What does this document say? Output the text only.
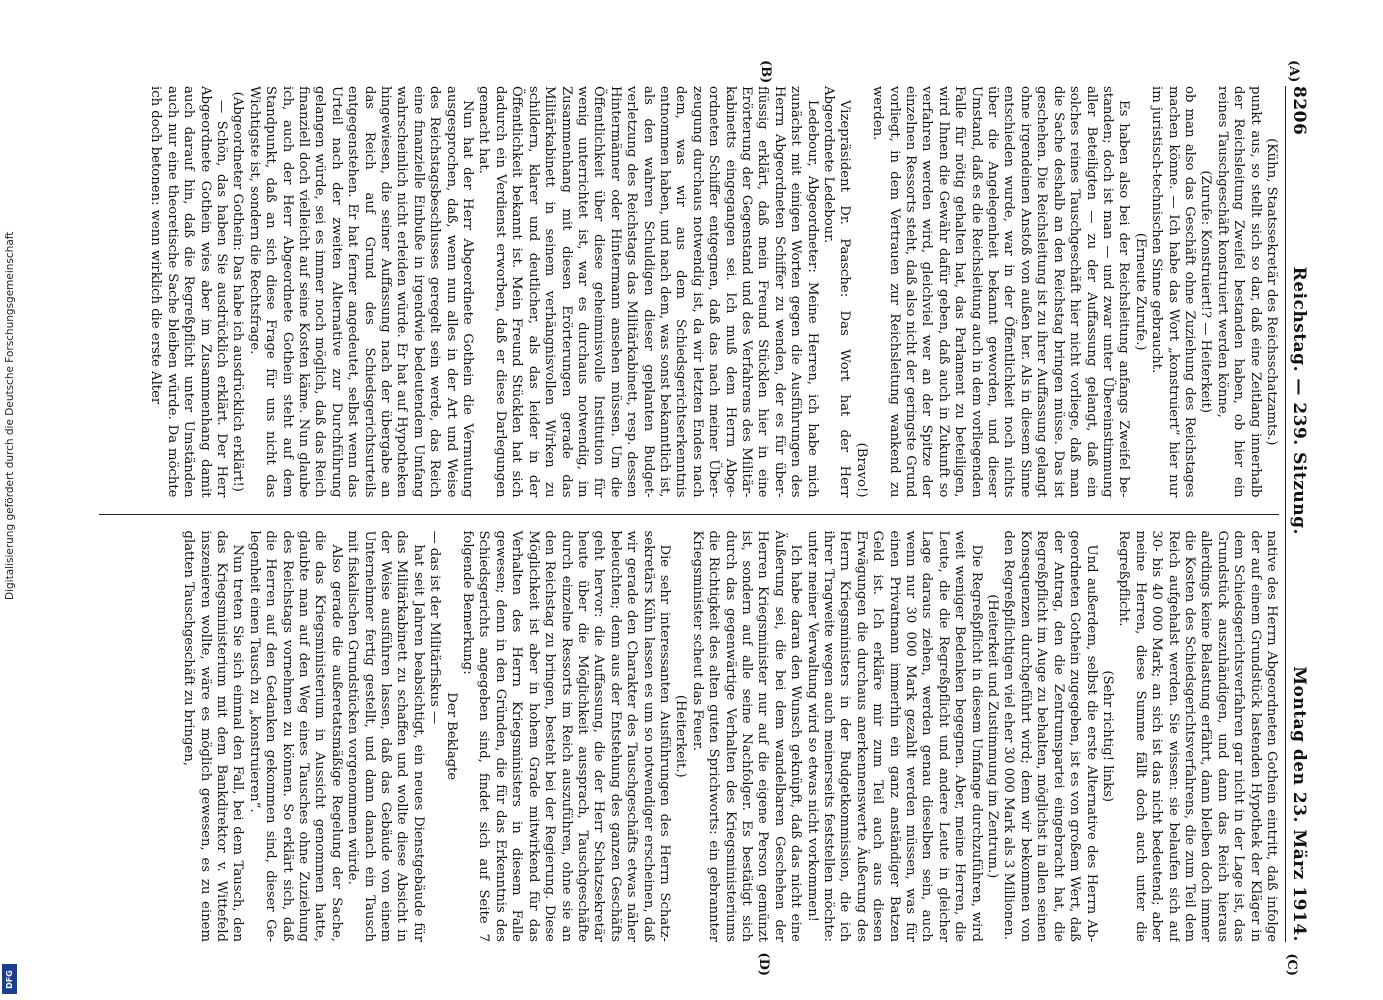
8206
Reichstag. — 239. Sitzung.
Montag den 23. März 1914.
(A)
(B)
(C)
(D)

(Kühn, Staatssekretär des Reichsschatzamts.)

punkt aus, so stellt sich so dar, daß eine Zeitlang innerhalb der Reichsleitung Zweifel bestanden haben, ob hier ein reines Tauschgeschäft konstruiert werden könne,

(Zurufe: Konstruiert!? — Heiterkeit)

ob man also das Geschäft ohne Zuziehung des Reichstages machen könne. — Ich habe das Wort „konstruiert“ hier nur im juristisch-technischen Sinne gebraucht.

(Erneute Zurufe.)

Es haben also bei der Reichsleitung anfangs Zweifel bestanden; doch ist man — und zwar unter Übereinstimmung aller Beteiligten — zu der Auffassung gelangt, daß ein solches reines Tauschgeschäft hier nicht vorliege, daß man die Sache deshalb an den Reichstag bringen müsse. Das ist geschehen. Die Reichsleitung ist zu ihrer Auffassung gelangt ohne irgendeinen Anstoß von außen her. Als in diesem Sinne entschieden wurde, war in der Öffentlichkeit noch nichts über die Angelegenheit bekannt geworden, und dieser Umstand, daß es die Reichsleitung auch in dem vorliegenden Falle für nötig gehalten hat, das Parlament zu beteiligen, wird Ihnen die Gewähr dafür geben, daß auch in Zukunft so verfahren werden wird, gleichviel wer an der Spitze der einzelnen Ressorts steht, daß also nicht der geringste Grund vorliegt, in dem Vertrauen zur Reichsleitung wankend zu werden.

(Bravo!)

Vizepräsident Dr. Paasche: Das Wort hat der Herr Abgeordnete Ledebour.

Ledebour, Abgeordneter: Meine Herren, ich habe mich zunächst mit einigen Worten gegen die Ausführungen des Herrn Abgeordneten Schiffer zu wenden, der es für überflüssig erklärt, daß mein Freund Stücklen hier in eine Erörterung der Gegenstand und des Verfahrens des Militärkabinetts eingegangen sei. Ich muß dem Herrn Abgeordneten Schiffer entgegnen, daß das nach meiner Überzeugung durchaus notwendig ist, da wir letzten Endes nach dem, was wir aus dem Schiedsgerichtserkenntnis entnommen haben, und nach dem, was sonst bekanntlich ist, als den wahren Schuldigen dieser geplanten Budgetverletzung des Reichstags das Militärkabinett, resp. dessen Hintermänner oder Hintermann ansehen müssen. Um die Öffentlichkeit über diese geheimnisvolle Institution für wenig unterrichtet ist, war es durchaus notwendig, im Zusammenhang mit diesen Erörterungen gerade das Militärkabinett in seinem verhängnisvollen Wirken zu schildern, klarer und deutlicher, als das leider in der Öffentlichkeit bekannt ist. Mein Freund Stücklen hat sich dadurch ein Verdienst erworben, daß er diese Darlegungen gemacht hat.

Nun hat der Herr Abgeordnete Gothein die Vermutung ausgesprochen, daß, wenn nun alles in der Art und Weise des Reichstagsbeschlusses geregelt sein werde, das Reich eine finanzielle Einbuße in irgendwie bedeutendem Umfang wahrscheinlich nicht erleiden würde. Er hat auf Hypotheken hingewiesen, die seiner Auffassung nach der übergabe an das Reich auf Grund des Schiedsgerichtsurteils entgegenstehen. Er hat ferner angedeutet, selbst wenn das Urteil nach der zweiten Alternative zur Durchführung gelangen würde, sei es immer noch möglich, daß das Reich finanziell doch vielleicht auf seine Kosten käme. Nun glaube ich, auch der Herr Abgeordnete Gothein steht auf dem Standpunkt, daß an sich diese Frage für uns nicht das Wichtigste ist, sondern die Rechtsfrage.

(Abgeordneter Gothein: Das habe ich ausdrücklich erklärt!)

— Schön, das haben Sie ausdrücklich erklärt. Der Herr Abgeordnete Gothein wies aber im Zusammenhang damit auch darauf hin, daß die Regreßpflicht unter Umständen auch nur eine theoretische Sache bleiben würde. Da möchte ich doch betonen: wenn wirklich die erste Alter

native des Herrn Abgeordneten Gothein eintritt, daß infolge der auf einem Grundstück lastenden Hypothek der Kläger in dem Schiedsgerichtsverfahren gar nicht in der Lage ist, das Grundstück auszuhändigen, und dann das Reich hieraus allerdings keine Belastung erfährt, dann bleiben doch immer die Kosten des Schiedsgerichtsverfahrens, die zum Teil dem Reich aufgehalst werden. Sie wissen: sie belaufen sich auf 30- bis 40 000 Mark; an sich ist das nicht bedeutend; aber meine Herren, diese Summe fällt doch auch unter die Regreßpflicht.

(Sehr richtig! links)

Und außerdem, selbst die erste Alternative des Herrn Abgeordneten Gothein zugegeben, ist es von großem Wert, daß der Antrag, den die Zentrumspartei eingebracht hat, die Regreßpflicht im Auge zu behalten, möglichst in allen seinen Konsequenzen durchgeführt wird; denn wir bekommen von den Regreßpflichtigen viel eher 30 000 Mark als 3 Millionen.

(Heiterkeit und Zustimmung im Zentrum.)

Die Regreßpflicht in diesem Umfange durchzuführen, wird weit weniger Bedenken begegnen. Aber, meine Herren, die Leute, die die Regreßpflicht und andere Leute in gleicher Lage daraus ziehen, werden genau dieselben sein, auch wenn nur 30 000 Mark gezahlt werden müssen, was für einen Privatmann immerhin ein ganz anständiger Batzen Geld ist. Ich erkläre mir zum Teil auch aus diesen Erwägungen die durchaus anerkennenswerte Äußerung des Herrn Kriegsministers in der Budgetkommission, die ich ihrer Tragweite wegen auch meinerseits feststellen möchte: unter meiner Verwaltung wird so etwas nicht vorkommen!

Ich habe daran den Wunsch geknüpft, daß das nicht eine Äußerung sei, die bei dem wandelbaren Geschehen der Herren Kriegsminister nur auf die eigene Person gemünzt ist, sondern auf alle seine Nachfolger. Es bestätigt sich durch das gegenwärtige Verhalten des Kriegsministeriums die Richtigkeit des alten guten Sprichworts: ein gebrannter Kriegsminister scheut das Feuer.

(Heiterkeit.)

Die sehr interessanten Ausführungen des Herrn Schatzsekretärs Kühn lassen es um so notwendiger erscheinen, daß wir gerade den Charakter des Tauschgeschäfts etwas näher beleuchten; denn aus der Entstehung des ganzen Geschäfts geht hervor: die Auffassung, die der Herr Schatzsekretär heute über die Möglichkeit aussprach, Tauschgeschäfte durch einzelne Ressorts im Reich auszuführen, ohne sie an den Reichstag zu bringen, besteht bei der Regierung. Diese Möglichkeit ist aber in hohem Grade mitwirkend für das Verhalten des Herrn Kriegsministers in diesem Falle gewesen; denn in den Gründen, die für das Erkenntnis des Schiedsgerichts angegeben sind, findet sich auf Seite 7 folgende Bemerkung:

Der Beklagte

— das ist der Militärfiskus —

hat seit Jahren beabsichtigt, ein neues Dienstgebäude für das Militärkabinett zu schaffen und wollte diese Absicht in der Weise ausführen lassen, daß das Gebäude von einem Unternehmer fertig gestellt, und dann danach ein Tausch mit fiskalischen Grundstücken vorgenommen würde.

Also gerade die außeretatsmäßige Regelung der Sache, die das Kriegsministerium in Aussicht genommen hatte, glaubte man auf den Weg eines Tausches ohne Zuziehung des Reichstags vornehmen zu können. So erklärt sich, daß die Herren auf den Gedanken gekommen sind, dieser Gelegenheit einen Tausch zu „konstruieren“.

Nun treten Sie sich einmal den Fall, bei dem Tausch, den das Kriegsministerium mit dem Bankdirektor v. Wittefeld inszenieren wollte, wäre es möglich gewesen, es zu einem glatten Tauschgeschäft zu bringen,

Digitalisierung gefördert durch die Deutsche Forschungsgemeinschaft
DFG
